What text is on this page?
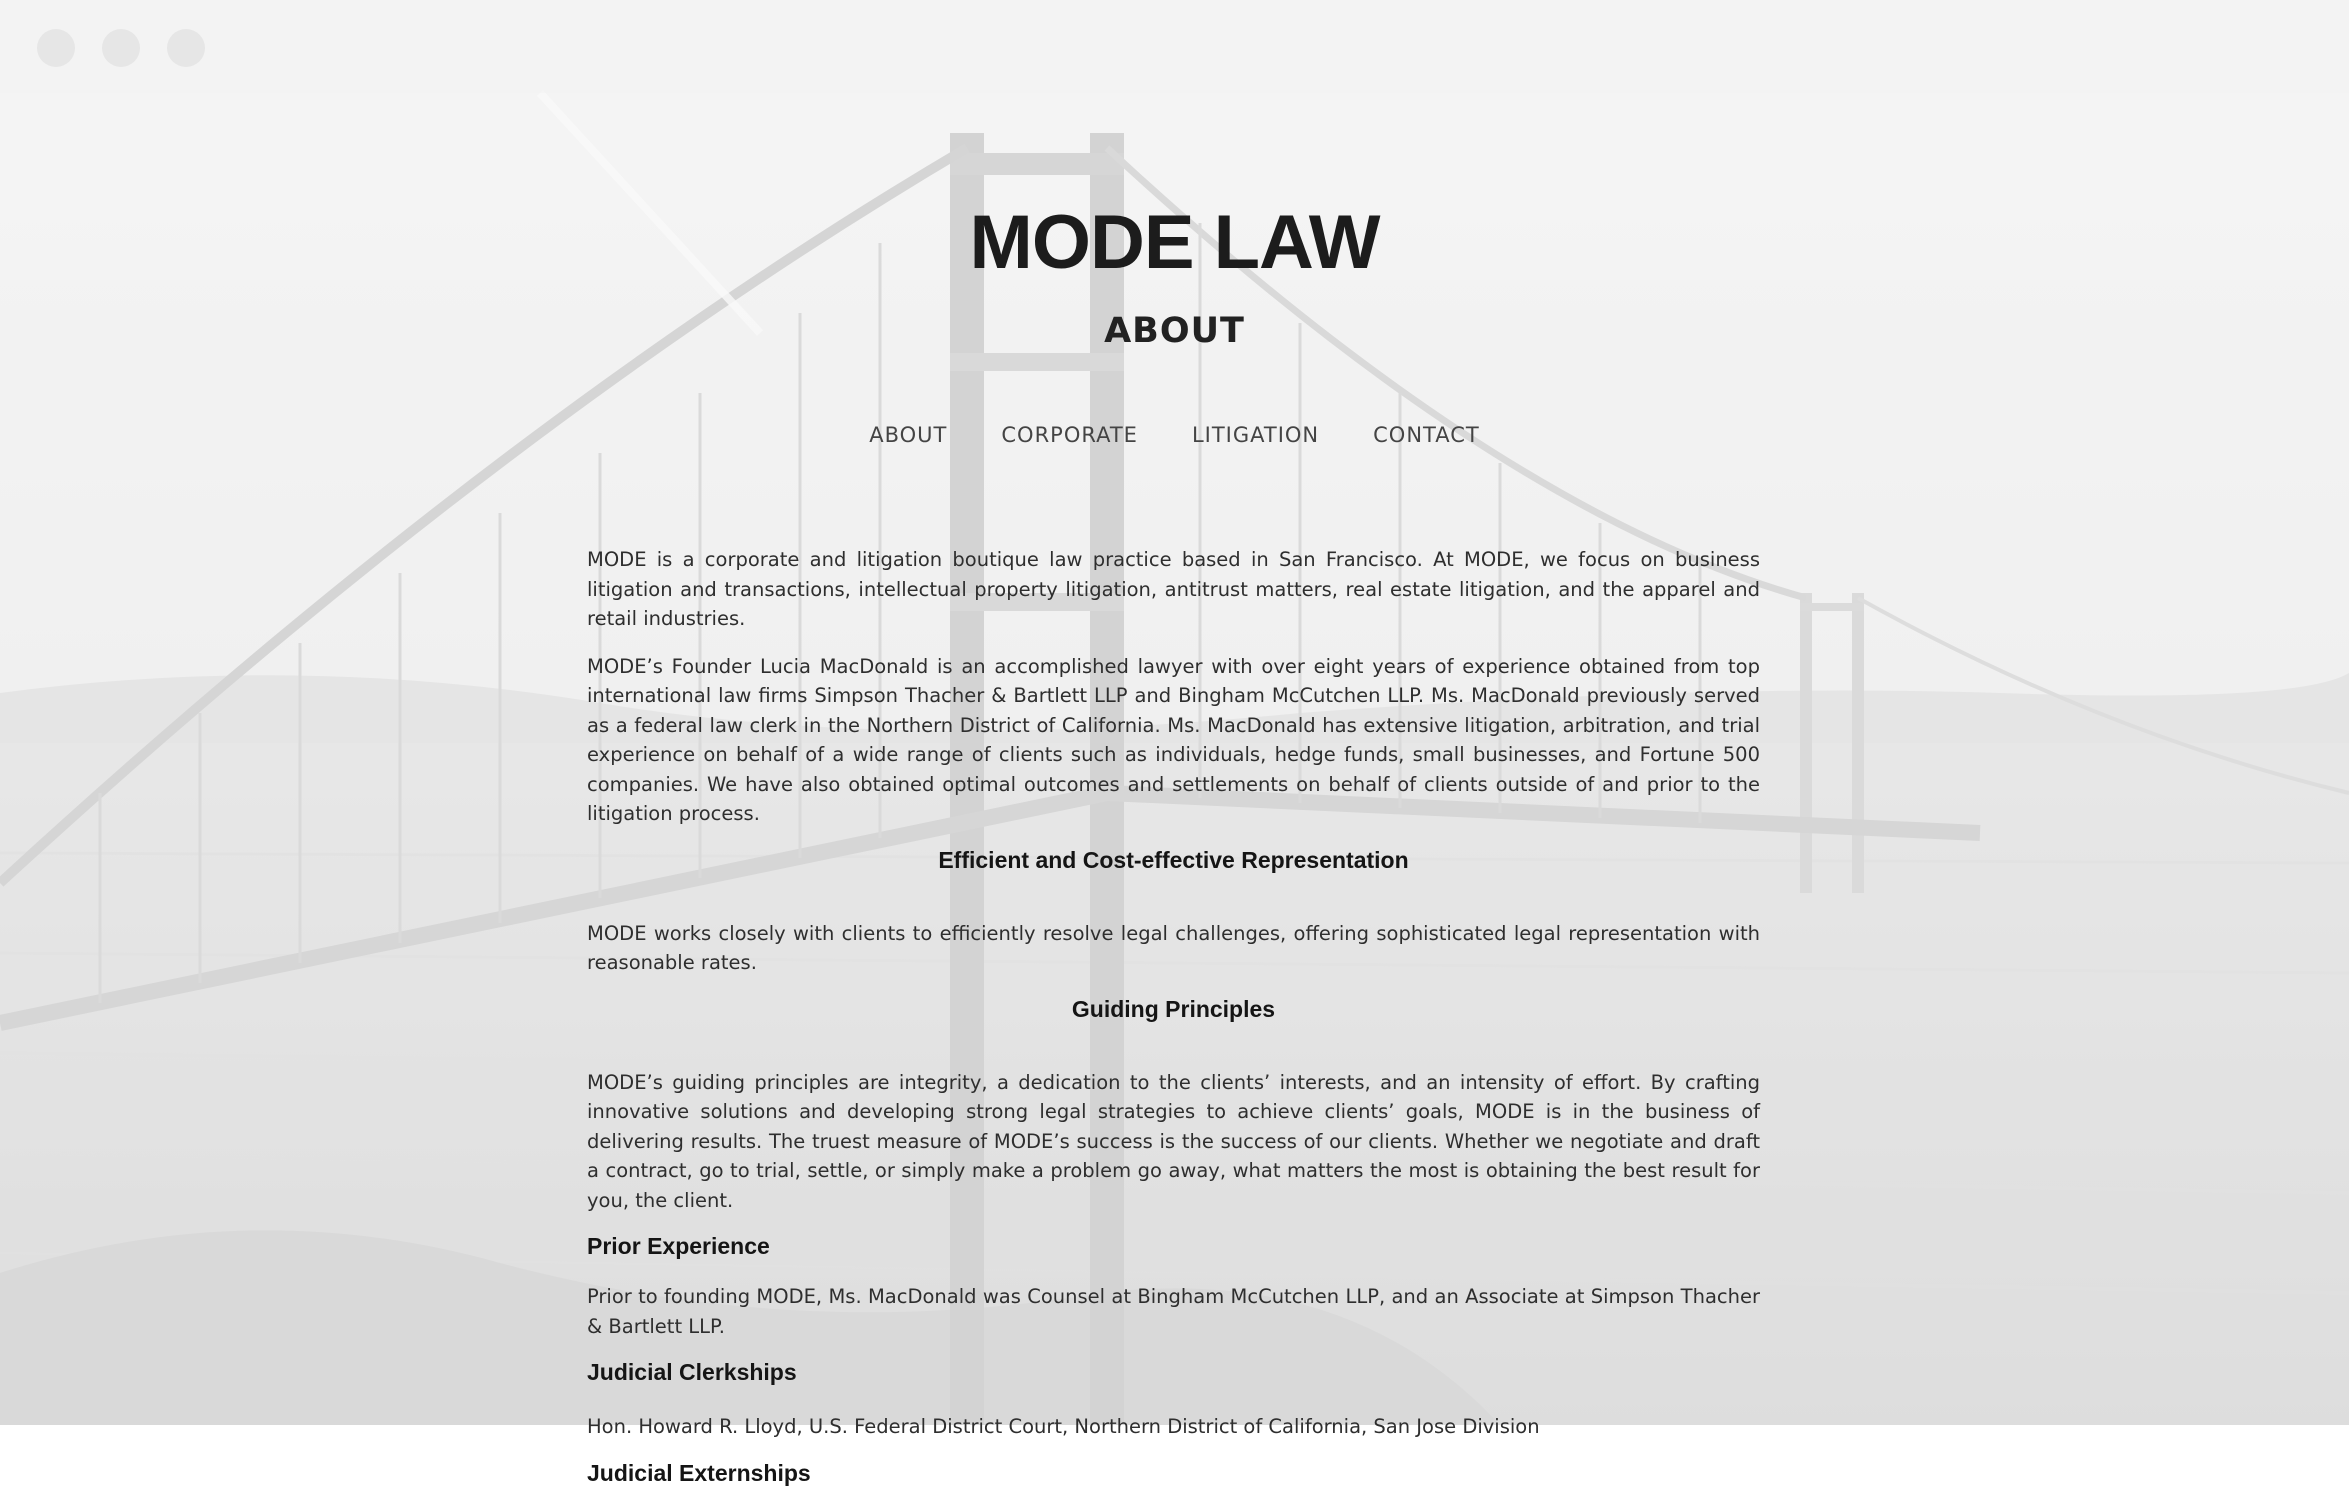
MODE LAW
ABOUT
ABOUT	CORPORATE	LITIGATION	CONTACT

MODE is a corporate and litigation boutique law practice based in San Francisco. At MODE, we focus on business litigation and transactions, intellectual property litigation, antitrust matters, real estate litigation, and the apparel and retail industries.

MODE’s Founder Lucia MacDonald is an accomplished lawyer with over eight years of experience obtained from top international law firms Simpson Thacher & Bartlett LLP and Bingham McCutchen LLP. Ms. MacDonald previously served as a federal law clerk in the Northern District of California. Ms. MacDonald has extensive litigation, arbitration, and trial experience on behalf of a wide range of clients such as individuals, hedge funds, small businesses, and Fortune 500 companies. We have also obtained optimal outcomes and settlements on behalf of clients outside of and prior to the litigation process.

Efficient and Cost-effective Representation

MODE works closely with clients to efficiently resolve legal challenges, offering sophisticated legal representation with reasonable rates.

Guiding Principles

MODE’s guiding principles are integrity, a dedication to the clients’ interests, and an intensity of effort. By crafting innovative solutions and developing strong legal strategies to achieve clients’ goals, MODE is in the business of delivering results. The truest measure of MODE’s success is the success of our clients. Whether we negotiate and draft a contract, go to trial, settle, or simply make a problem go away, what matters the most is obtaining the best result for you, the client.

Prior Experience

Prior to founding MODE, Ms. MacDonald was Counsel at Bingham McCutchen LLP, and an Associate at Simpson Thacher & Bartlett LLP.

Judicial Clerkships

Hon. Howard R. Lloyd, U.S. Federal District Court, Northern District of California, San Jose Division

Judicial Externships
